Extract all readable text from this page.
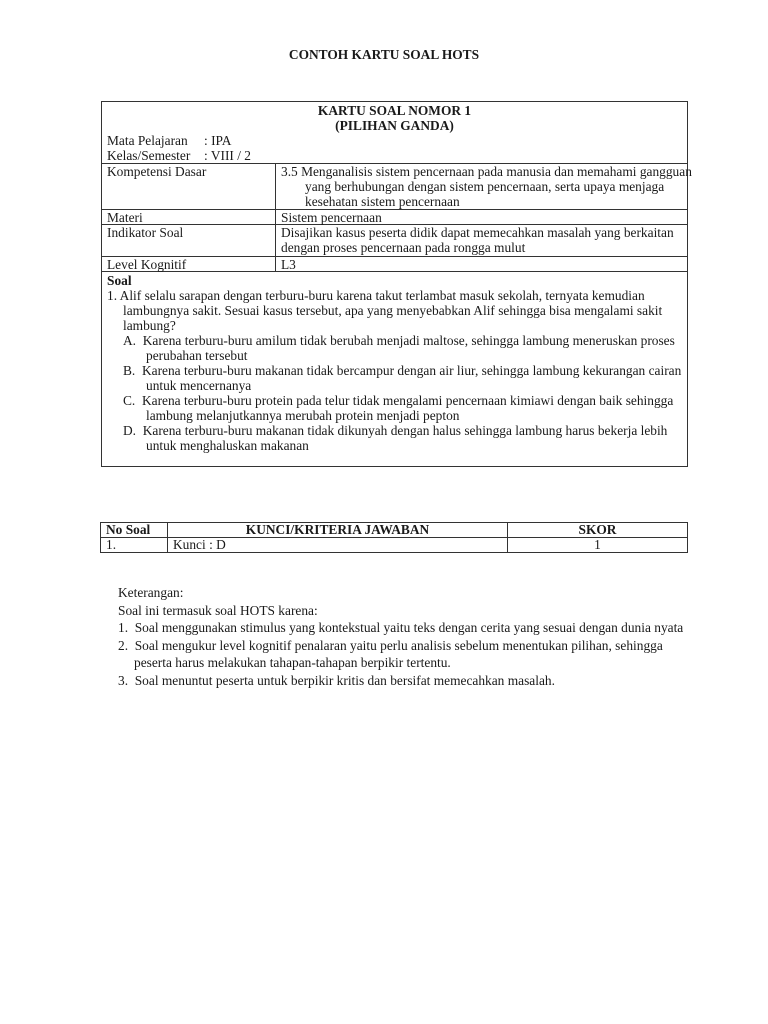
CONTOH KARTU SOAL HOTS
KARTU SOAL NOMOR 1
(PILIHAN GANDA)
Mata Pelajaran : IPA
Kelas/Semester : VIII / 2
Kompetensi Dasar	3.5 Menganalisis sistem pencernaan pada manusia dan memahami gangguan yang berhubungan dengan sistem pencernaan, serta upaya menjaga kesehatan sistem pencernaan
Materi	Sistem pencernaan
Indikator Soal	Disajikan kasus peserta didik dapat memecahkan masalah yang berkaitan dengan proses pencernaan pada rongga mulut
Level Kognitif	L3
Soal
1. Alif selalu sarapan dengan terburu-buru karena takut terlambat masuk sekolah, ternyata kemudian lambungnya sakit. Sesuai kasus tersebut, apa yang menyebabkan Alif sehingga bisa mengalami sakit lambung?
A.  Karena terburu-buru amilum tidak berubah menjadi maltose, sehingga lambung meneruskan proses perubahan tersebut
B.  Karena terburu-buru makanan tidak bercampur dengan air liur, sehingga lambung kekurangan cairan untuk mencernanya
C.  Karena terburu-buru protein pada telur tidak mengalami pencernaan kimiawi dengan baik sehingga lambung melanjutkannya merubah protein menjadi pepton
D.  Karena terburu-buru makanan tidak dikunyah dengan halus sehingga lambung harus bekerja lebih untuk menghaluskan makanan
No Soal	KUNCI/KRITERIA JAWABAN	SKOR
1.	Kunci : D	1
Keterangan:
Soal ini termasuk soal HOTS karena:
1.  Soal menggunakan stimulus yang kontekstual yaitu teks dengan cerita yang sesuai dengan dunia nyata
2.  Soal mengukur level kognitif penalaran yaitu perlu analisis sebelum menentukan pilihan, sehingga peserta harus melakukan tahapan-tahapan berpikir tertentu.
3.  Soal menuntut peserta untuk berpikir kritis dan bersifat memecahkan masalah.
